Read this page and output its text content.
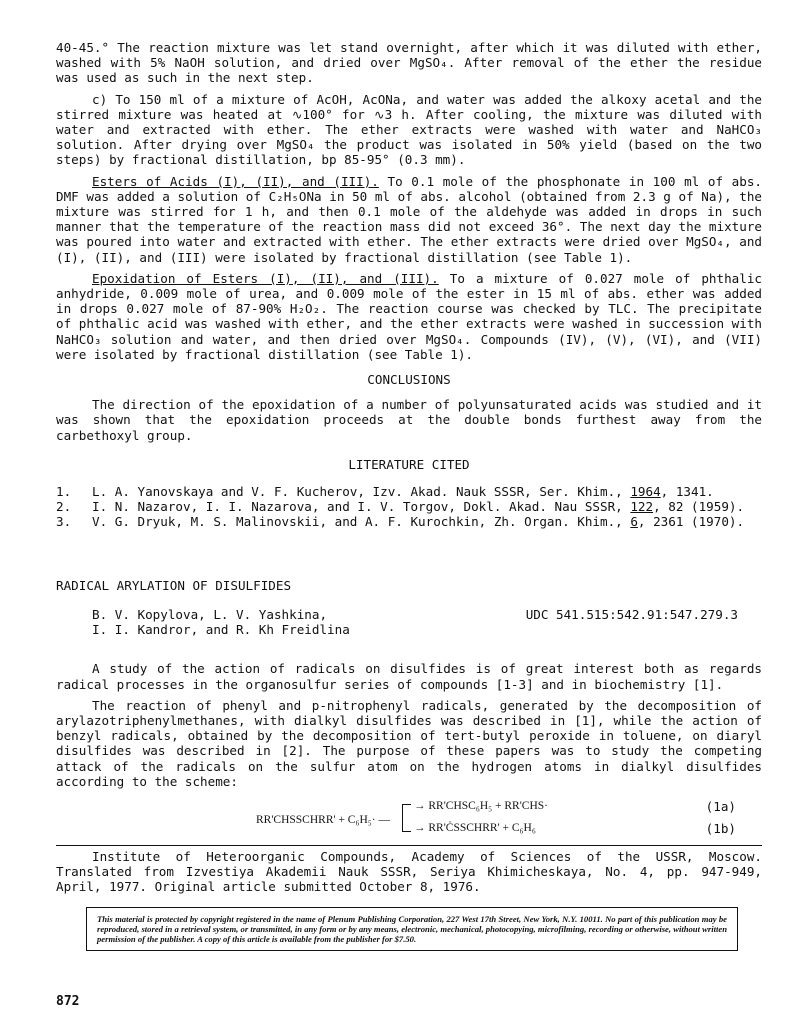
40-45.° The reaction mixture was let stand overnight, after which it was diluted with ether, washed with 5% NaOH solution, and dried over MgSO₄. After removal of the ether the residue was used as such in the next step.

c) To 150 ml of a mixture of AcOH, AcONa, and water was added the alkoxy acetal and the stirred mixture was heated at ∿100° for ∿3 h. After cooling, the mixture was diluted with water and extracted with ether. The ether extracts were washed with water and NaHCO₃ solution. After drying over MgSO₄ the product was isolated in 50% yield (based on the two steps) by fractional distillation, bp 85-95° (0.3 mm).

Esters of Acids (I), (II), and (III). To 0.1 mole of the phosphonate in 100 ml of abs. DMF was added a solution of C₂H₅ONa in 50 ml of abs. alcohol (obtained from 2.3 g of Na), the mixture was stirred for 1 h, and then 0.1 mole of the aldehyde was added in drops in such manner that the temperature of the reaction mass did not exceed 36°. The next day the mixture was poured into water and extracted with ether. The ether extracts were dried over MgSO₄, and (I), (II), and (III) were isolated by fractional distillation (see Table 1).

Epoxidation of Esters (I), (II), and (III). To a mixture of 0.027 mole of phthalic anhydride, 0.009 mole of urea, and 0.009 mole of the ester in 15 ml of abs. ether was added in drops 0.027 mole of 87-90% H₂O₂. The reaction course was checked by TLC. The precipitate of phthalic acid was washed with ether, and the ether extracts were washed in succession with NaHCO₃ solution and water, and then dried over MgSO₄. Compounds (IV), (V), (VI), and (VII) were isolated by fractional distillation (see Table 1).

CONCLUSIONS

The direction of the epoxidation of a number of polyunsaturated acids was studied and it was shown that the epoxidation proceeds at the double bonds furthest away from the carbethoxyl group.

LITERATURE CITED

1.	L. A. Yanovskaya and V. F. Kucherov, Izv. Akad. Nauk SSSR, Ser. Khim., 1964, 1341.
2.	I. N. Nazarov, I. I. Nazarova, and I. V. Torgov, Dokl. Akad. Nau SSSR, 122, 82 (1959).
3.	V. G. Dryuk, M. S. Malinovskii, and A. F. Kurochkin, Zh. Organ. Khim., 6, 2361 (1970).

RADICAL ARYLATION OF DISULFIDES

B. V. Kopylova, L. V. Yashkina,
I. I. Kandror, and R. Kh Freidlina
UDC 541.515:542.91:547.279.3

A study of the action of radicals on disulfides is of great interest both as regards radical processes in the organosulfur series of compounds [1-3] and in biochemistry [1].

The reaction of phenyl and p-nitrophenyl radicals, generated by the decomposition of arylazotriphenylmethanes, with dialkyl disulfides was described in [1], while the action of benzyl radicals, obtained by the decomposition of tert-butyl peroxide in toluene, on diaryl disulfides was described in [2]. The purpose of these papers was to study the competing attack of the radicals on the sulfur atom on the hydrogen atoms in dialkyl disulfides according to the scheme:

RR'CHSSCHRR' + C₆H₅· —
→ RR'CHSC₆H₅ + RR'CHS·
→ RR'ĊSSCHRR' + C₆H₆
(1a)
(1b)

Institute of Heteroorganic Compounds, Academy of Sciences of the USSR, Moscow. Translated from Izvestiya Akademii Nauk SSSR, Seriya Khimicheskaya, No. 4, pp. 947-949, April, 1977. Original article submitted October 8, 1976.

This material is protected by copyright registered in the name of Plenum Publishing Corporation, 227 West 17th Street, New York, N.Y. 10011. No part of this publication may be reproduced, stored in a retrieval system, or transmitted, in any form or by any means, electronic, mechanical, photocopying, microfilming, recording or otherwise, without written permission of the publisher. A copy of this article is available from the publisher for $7.50.
872
